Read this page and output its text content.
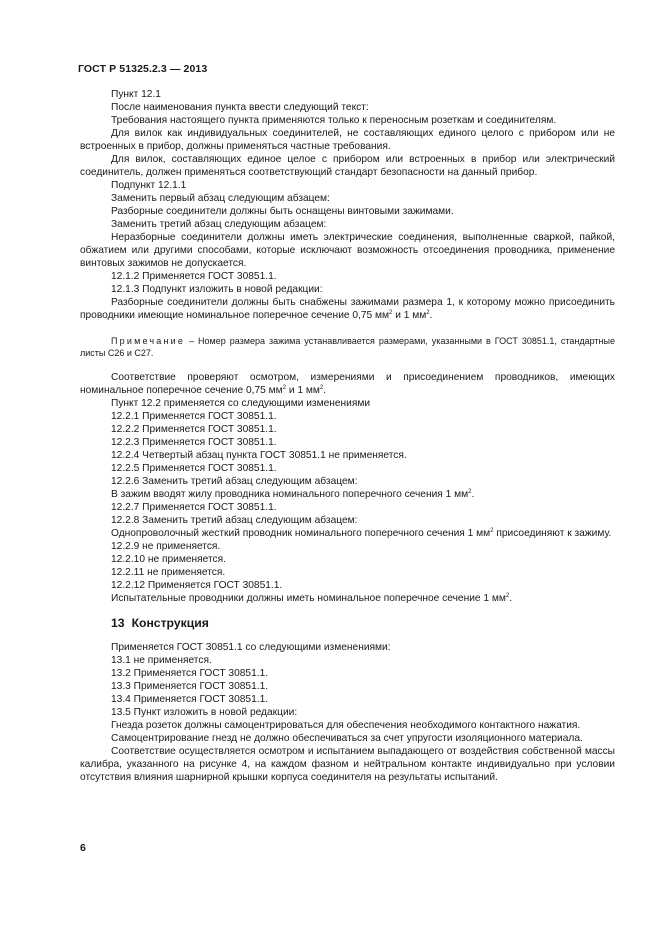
ГОСТ Р 51325.2.3 — 2013

Пункт 12.1

После наименования пункта ввести следующий текст:

Требования настоящего пункта применяются только к переносным розеткам и соединителям.

Для вилок как индивидуальных соединителей, не составляющих единого целого с прибором или не встроенных в прибор, должны применяться частные требования.

Для вилок, составляющих единое целое с прибором или встроенных в прибор или электрический соединитель, должен применяться соответствующий стандарт безопасности на данный прибор.

Подпункт 12.1.1

Заменить первый абзац следующим абзацем:

Разборные соединители должны быть оснащены винтовыми зажимами.

Заменить третий абзац следующим абзацем:

Неразборные соединители должны иметь электрические соединения, выполненные сваркой, пайкой, обжатием или другими способами, которые исключают возможность отсоединения проводника, применение винтовых зажимов не допускается.

12.1.2 Применяется ГОСТ 30851.1.

12.1.3 Подпункт изложить в новой редакции:

Разборные соединители должны быть снабжены зажимами размера 1, к которому можно присоединить проводники имеющие номинальное поперечное сечение 0,75 $мм^2$ и 1 $мм^2$.

Примечание – Номер размера зажима устанавливается размерами, указанными в ГОСТ 30851.1, стандартные листы С26 и С27.

Соответствие проверяют осмотром, измерениями и присоединением проводников, имеющих номинальное поперечное сечение 0,75 $мм^2$ и 1 $мм^2$.

Пункт 12.2 применяется со следующими изменениями

12.2.1 Применяется ГОСТ 30851.1.

12.2.2 Применяется ГОСТ 30851.1.

12.2.3 Применяется ГОСТ 30851.1.

12.2.4 Четвертый абзац пункта ГОСТ 30851.1 не применяется.

12.2.5 Применяется ГОСТ 30851.1.

12.2.6 Заменить третий абзац следующим абзацем:

В зажим вводят жилу проводника номинального поперечного сечения 1 $мм^2$.

12.2.7 Применяется ГОСТ 30851.1.

12.2.8 Заменить третий абзац следующим абзацем:

Однопроволочный жесткий проводник номинального поперечного сечения 1 $мм^2$ присоединяют к зажиму.

12.2.9 не применяется.

12.2.10 не применяется.

12.2.11 не применяется.

12.2.12 Применяется ГОСТ 30851.1.

Испытательные проводники должны иметь номинальное поперечное сечение 1 $мм^2$.

13 Конструкция

Применяется ГОСТ 30851.1 со следующими изменениями:

13.1 не применяется.

13.2 Применяется ГОСТ 30851.1.

13.3 Применяется ГОСТ 30851.1.

13.4 Применяется ГОСТ 30851.1.

13.5 Пункт изложить в новой редакции:

Гнезда розеток должны самоцентрироваться для обеспечения необходимого контактного нажатия.

Самоцентрирование гнезд не должно обеспечиваться за счет упругости изоляционного материала.

Соответствие осуществляется осмотром и испытанием выпадающего от воздействия собственной массы калибра, указанного на рисунке 4, на каждом фазном и нейтральном контакте индивидуально при условии отсутствия влияния шарнирной крышки корпуса соединителя на результаты испытаний.

6
